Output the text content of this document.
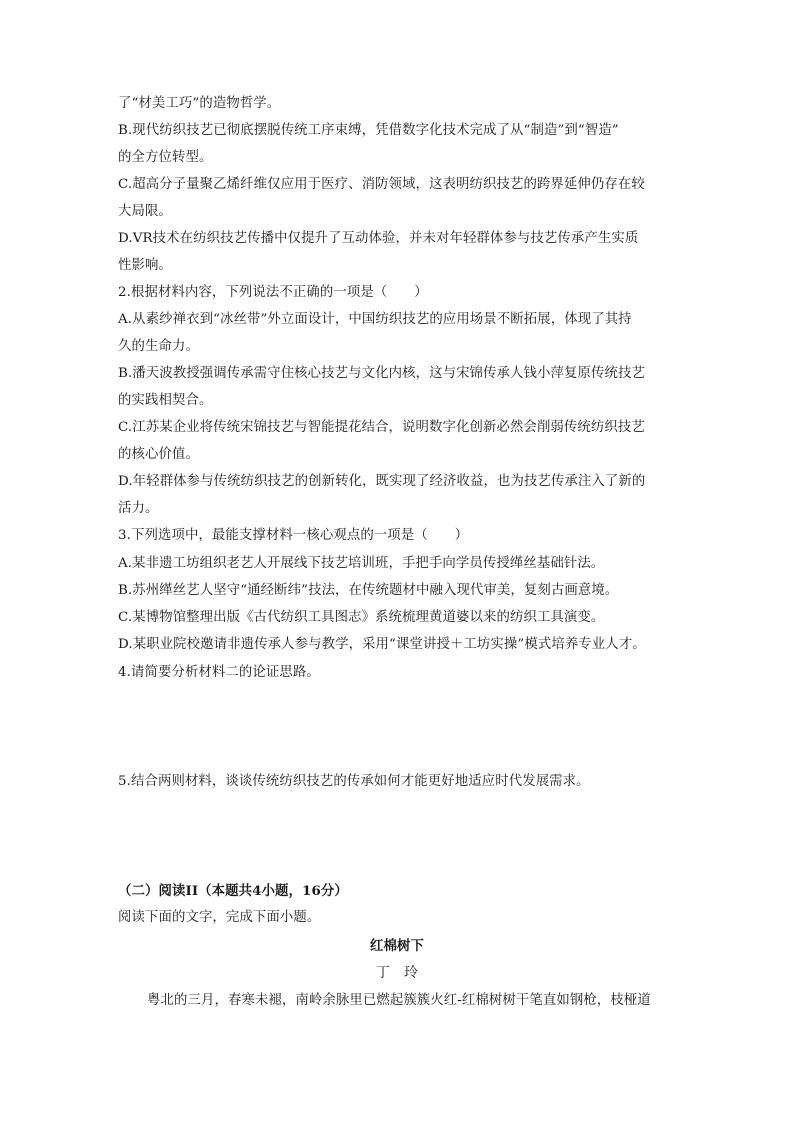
了“材美工巧”的造物哲学。
B.现代纺织技艺已彻底摆脱传统工序束缚，凭借数字化技术完成了从“制造”到“智造”
的全方位转型。
C.超高分子量聚乙烯纤维仅应用于医疗、消防领域，这表明纺织技艺的跨界延伸仍存在较
大局限。
D.VR技术在纺织技艺传播中仅提升了互动体验，并未对年轻群体参与技艺传承产生实质
性影响。
2.根据材料内容，下列说法不正确的一项是（　　）
A.从素纱禅衣到“冰丝带”外立面设计，中国纺织技艺的应用场景不断拓展，体现了其持
久的生命力。
B.潘天波教授强调传承需守住核心技艺与文化内核，这与宋锦传承人钱小萍复原传统技艺
的实践相契合。
C.江苏某企业将传统宋锦技艺与智能提花结合，说明数字化创新必然会削弱传统纺织技艺
的核心价值。
D.年轻群体参与传统纺织技艺的创新转化，既实现了经济收益，也为技艺传承注入了新的
活力。
3.下列选项中，最能支撑材料一核心观点的一项是（　　）
A.某非遗工坊组织老艺人开展线下技艺培训班，手把手向学员传授缂丝基础针法。
B.苏州缂丝艺人坚守“通经断纬”技法，在传统题材中融入现代审美，复刻古画意境。
C.某博物馆整理出版《古代纺织工具图志》系统梳理黄道婆以来的纺织工具演变。
D.某职业院校邀请非遗传承人参与教学，采用“课堂讲授＋工坊实操”模式培养专业人才。
4.请简要分析材料二的论证思路。
5.结合两则材料，谈谈传统纺织技艺的传承如何才能更好地适应时代发展需求。
（二）阅读II（本题共4小题，16分）
阅读下面的文字，完成下面小题。
红棉树下
丁　玲
粤北的三月，春寒未褪，南岭余脉里已燃起簇簇火红-红棉树树干笔直如钢枪，枝桠道
